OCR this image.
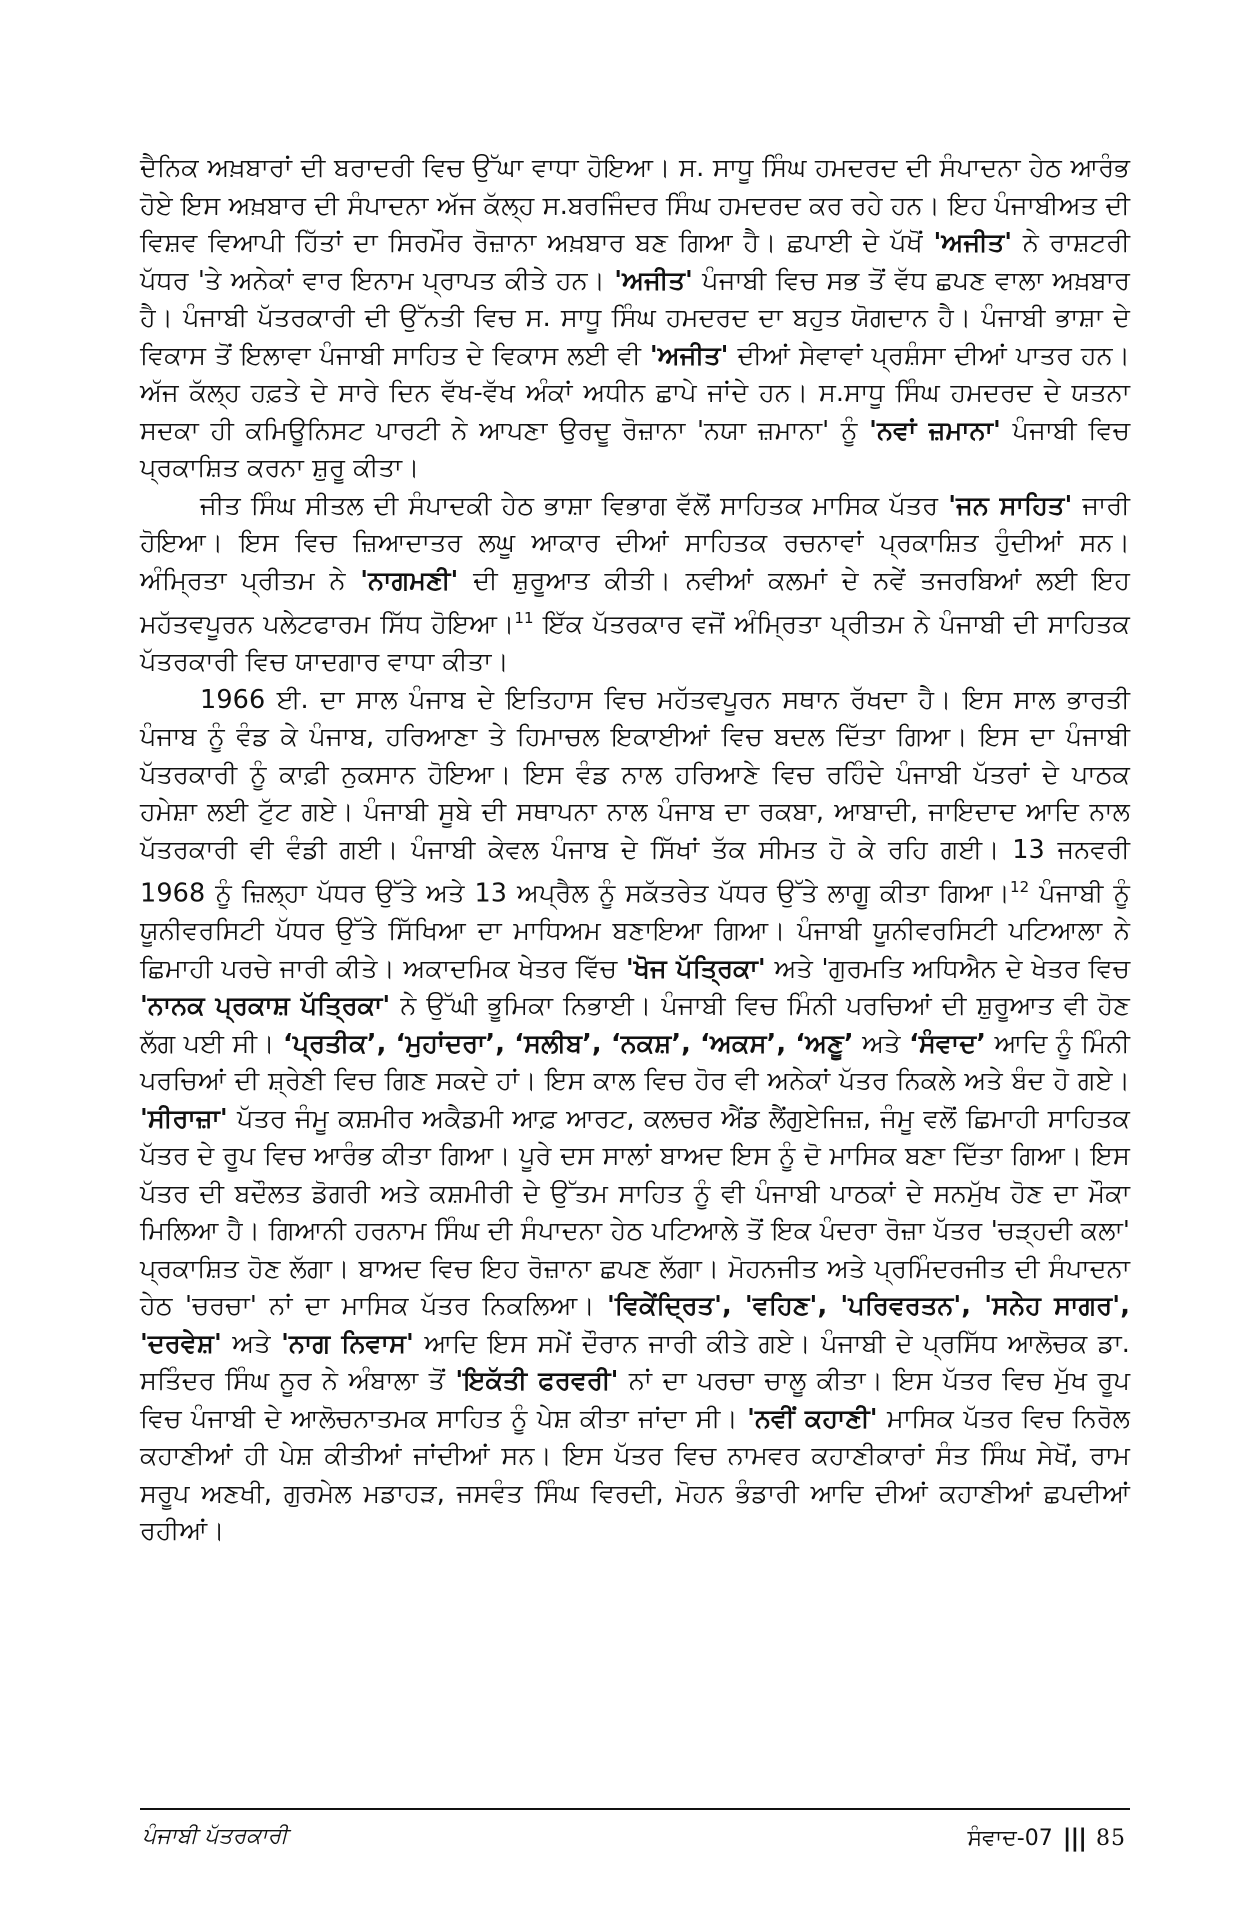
ਦੈਨਿਕ ਅਖ਼ਬਾਰਾਂ ਦੀ ਬਰਾਦਰੀ ਵਿਚ ਉੱਘਾ ਵਾਧਾ ਹੋਇਆ। ਸ. ਸਾਧੂ ਸਿੰਘ ਹਮਦਰਦ ਦੀ ਸੰਪਾਦਨਾ ਹੇਠ ਆਰੰਭ ਹੋਏ ਇਸ ਅਖ਼ਬਾਰ ਦੀ ਸੰਪਾਦਨਾ ਅੱਜ ਕੱਲ੍ਹ ਸ.ਬਰਜਿੰਦਰ ਸਿੰਘ ਹਮਦਰਦ ਕਰ ਰਹੇ ਹਨ। ਇਹ ਪੰਜਾਬੀਅਤ ਦੀ ਵਿਸ਼ਵ ਵਿਆਪੀ ਹਿੱਤਾਂ ਦਾ ਸਿਰਮੌਰ ਰੋਜ਼ਾਨਾ ਅਖ਼ਬਾਰ ਬਣ ਗਿਆ ਹੈ। ਛਪਾਈ ਦੇ ਪੱਖੋਂ 'ਅਜੀਤ' ਨੇ ਰਾਸ਼ਟਰੀ ਪੱਧਰ 'ਤੇ ਅਨੇਕਾਂ ਵਾਰ ਇਨਾਮ ਪ੍ਰਾਪਤ ਕੀਤੇ ਹਨ। 'ਅਜੀਤ' ਪੰਜਾਬੀ ਵਿਚ ਸਭ ਤੋਂ ਵੱਧ ਛਪਣ ਵਾਲਾ ਅਖ਼ਬਾਰ ਹੈ। ਪੰਜਾਬੀ ਪੱਤਰਕਾਰੀ ਦੀ ਉੱਨਤੀ ਵਿਚ ਸ. ਸਾਧੂ ਸਿੰਘ ਹਮਦਰਦ ਦਾ ਬਹੁਤ ਯੋਗਦਾਨ ਹੈ। ਪੰਜਾਬੀ ਭਾਸ਼ਾ ਦੇ ਵਿਕਾਸ ਤੋਂ ਇਲਾਵਾ ਪੰਜਾਬੀ ਸਾਹਿਤ ਦੇ ਵਿਕਾਸ ਲਈ ਵੀ 'ਅਜੀਤ' ਦੀਆਂ ਸੇਵਾਵਾਂ ਪ੍ਰਸ਼ੰਸਾ ਦੀਆਂ ਪਾਤਰ ਹਨ। ਅੱਜ ਕੱਲ੍ਹ ਹਫ਼ਤੇ ਦੇ ਸਾਰੇ ਦਿਨ ਵੱਖ-ਵੱਖ ਅੰਕਾਂ ਅਧੀਨ ਛਾਪੇ ਜਾਂਦੇ ਹਨ। ਸ.ਸਾਧੂ ਸਿੰਘ ਹਮਦਰਦ ਦੇ ਯਤਨਾ ਸਦਕਾ ਹੀ ਕਮਿਊਨਿਸਟ ਪਾਰਟੀ ਨੇ ਆਪਣਾ ਉਰਦੂ ਰੋਜ਼ਾਨਾ 'ਨਯਾ ਜ਼ਮਾਨਾ' ਨੂੰ 'ਨਵਾਂ ਜ਼ਮਾਨਾ' ਪੰਜਾਬੀ ਵਿਚ ਪ੍ਰਕਾਸ਼ਿਤ ਕਰਨਾ ਸ਼ੁਰੂ ਕੀਤਾ।

ਜੀਤ ਸਿੰਘ ਸੀਤਲ ਦੀ ਸੰਪਾਦਕੀ ਹੇਠ ਭਾਸ਼ਾ ਵਿਭਾਗ ਵੱਲੋਂ ਸਾਹਿਤਕ ਮਾਸਿਕ ਪੱਤਰ 'ਜਨ ਸਾਹਿਤ' ਜਾਰੀ ਹੋਇਆ। ਇਸ ਵਿਚ ਜ਼ਿਆਦਾਤਰ ਲਘੂ ਆਕਾਰ ਦੀਆਂ ਸਾਹਿਤਕ ਰਚਨਾਵਾਂ ਪ੍ਰਕਾਸ਼ਿਤ ਹੁੰਦੀਆਂ ਸਨ। ਅੰਮ੍ਰਿਤਾ ਪ੍ਰੀਤਮ ਨੇ 'ਨਾਗਮਣੀ' ਦੀ ਸ਼ੁਰੂਆਤ ਕੀਤੀ। ਨਵੀਆਂ ਕਲਮਾਂ ਦੇ ਨਵੇਂ ਤਜਰਬਿਆਂ ਲਈ ਇਹ ਮਹੱਤਵਪੂਰਨ ਪਲੇਟਫਾਰਮ ਸਿੱਧ ਹੋਇਆ।$^{11}$ ਇੱਕ ਪੱਤਰਕਾਰ ਵਜੋਂ ਅੰਮ੍ਰਿਤਾ ਪ੍ਰੀਤਮ ਨੇ ਪੰਜਾਬੀ ਦੀ ਸਾਹਿਤਕ ਪੱਤਰਕਾਰੀ ਵਿਚ ਯਾਦਗਾਰ ਵਾਧਾ ਕੀਤਾ।

1966 ਈ. ਦਾ ਸਾਲ ਪੰਜਾਬ ਦੇ ਇਤਿਹਾਸ ਵਿਚ ਮਹੱਤਵਪੂਰਨ ਸਥਾਨ ਰੱਖਦਾ ਹੈ। ਇਸ ਸਾਲ ਭਾਰਤੀ ਪੰਜਾਬ ਨੂੰ ਵੰਡ ਕੇ ਪੰਜਾਬ, ਹਰਿਆਣਾ ਤੇ ਹਿਮਾਚਲ ਇਕਾਈਆਂ ਵਿਚ ਬਦਲ ਦਿੱਤਾ ਗਿਆ। ਇਸ ਦਾ ਪੰਜਾਬੀ ਪੱਤਰਕਾਰੀ ਨੂੰ ਕਾਫ਼ੀ ਨੁਕਸਾਨ ਹੋਇਆ। ਇਸ ਵੰਡ ਨਾਲ ਹਰਿਆਣੇ ਵਿਚ ਰਹਿੰਦੇ ਪੰਜਾਬੀ ਪੱਤਰਾਂ ਦੇ ਪਾਠਕ ਹਮੇਸ਼ਾ ਲਈ ਟੁੱਟ ਗਏ। ਪੰਜਾਬੀ ਸੂਬੇ ਦੀ ਸਥਾਪਨਾ ਨਾਲ ਪੰਜਾਬ ਦਾ ਰਕਬਾ, ਆਬਾਦੀ, ਜਾਇਦਾਦ ਆਦਿ ਨਾਲ ਪੱਤਰਕਾਰੀ ਵੀ ਵੰਡੀ ਗਈ। ਪੰਜਾਬੀ ਕੇਵਲ ਪੰਜਾਬ ਦੇ ਸਿੱਖਾਂ ਤੱਕ ਸੀਮਤ ਹੋ ਕੇ ਰਹਿ ਗਈ। 13 ਜਨਵਰੀ 1968 ਨੂੰ ਜ਼ਿਲ੍ਹਾ ਪੱਧਰ ਉੱਤੇ ਅਤੇ 13 ਅਪ੍ਰੈਲ ਨੂੰ ਸਕੱਤਰੇਤ ਪੱਧਰ ਉੱਤੇ ਲਾਗੂ ਕੀਤਾ ਗਿਆ।$^{12}$ ਪੰਜਾਬੀ ਨੂੰ ਯੂਨੀਵਰਸਿਟੀ ਪੱਧਰ ਉੱਤੇ ਸਿੱਖਿਆ ਦਾ ਮਾਧਿਅਮ ਬਣਾਇਆ ਗਿਆ। ਪੰਜਾਬੀ ਯੂਨੀਵਰਸਿਟੀ ਪਟਿਆਲਾ ਨੇ ਛਿਮਾਹੀ ਪਰਚੇ ਜਾਰੀ ਕੀਤੇ। ਅਕਾਦਮਿਕ ਖੇਤਰ ਵਿੱਚ 'ਖੋਜ ਪੱਤ੍ਰਿਕਾ' ਅਤੇ 'ਗੁਰਮਤਿ ਅਧਿਐਨ ਦੇ ਖੇਤਰ ਵਿਚ 'ਨਾਨਕ ਪ੍ਰਕਾਸ਼ ਪੱਤ੍ਰਿਕਾ' ਨੇ ਉੱਘੀ ਭੂਮਿਕਾ ਨਿਭਾਈ। ਪੰਜਾਬੀ ਵਿਚ ਮਿੰਨੀ ਪਰਚਿਆਂ ਦੀ ਸ਼ੁਰੂਆਤ ਵੀ ਹੋਣ ਲੱਗ ਪਈ ਸੀ। ‘ਪ੍ਰਤੀਕ’, ‘ਮੁਹਾਂਦਰਾ’, ‘ਸਲੀਬ’, ‘ਨਕਸ਼’, ‘ਅਕਸ’, ‘ਅਣੂ’ ਅਤੇ ‘ਸੰਵਾਦ’ ਆਦਿ ਨੂੰ ਮਿੰਨੀ ਪਰਚਿਆਂ ਦੀ ਸ਼੍ਰੇਣੀ ਵਿਚ ਗਿਣ ਸਕਦੇ ਹਾਂ। ਇਸ ਕਾਲ ਵਿਚ ਹੋਰ ਵੀ ਅਨੇਕਾਂ ਪੱਤਰ ਨਿਕਲੇ ਅਤੇ ਬੰਦ ਹੋ ਗਏ। 'ਸੀਰਾਜ਼ਾ' ਪੱਤਰ ਜੰਮੂ ਕਸ਼ਮੀਰ ਅਕੈਡਮੀ ਆਫ਼ ਆਰਟ, ਕਲਚਰ ਐਂਡ ਲੈਂਗੁਏਜਿਜ਼, ਜੰਮੂ ਵਲੋਂ ਛਿਮਾਹੀ ਸਾਹਿਤਕ ਪੱਤਰ ਦੇ ਰੂਪ ਵਿਚ ਆਰੰਭ ਕੀਤਾ ਗਿਆ। ਪੂਰੇ ਦਸ ਸਾਲਾਂ ਬਾਅਦ ਇਸ ਨੂੰ ਦੋ ਮਾਸਿਕ ਬਣਾ ਦਿੱਤਾ ਗਿਆ। ਇਸ ਪੱਤਰ ਦੀ ਬਦੌਲਤ ਡੋਗਰੀ ਅਤੇ ਕਸ਼ਮੀਰੀ ਦੇ ਉੱਤਮ ਸਾਹਿਤ ਨੂੰ ਵੀ ਪੰਜਾਬੀ ਪਾਠਕਾਂ ਦੇ ਸਨਮੁੱਖ ਹੋਣ ਦਾ ਮੌਕਾ ਮਿਲਿਆ ਹੈ। ਗਿਆਨੀ ਹਰਨਾਮ ਸਿੰਘ ਦੀ ਸੰਪਾਦਨਾ ਹੇਠ ਪਟਿਆਲੇ ਤੋਂ ਇਕ ਪੰਦਰਾ ਰੋਜ਼ਾ ਪੱਤਰ 'ਚੜ੍ਹਦੀ ਕਲਾ' ਪ੍ਰਕਾਸ਼ਿਤ ਹੋਣ ਲੱਗਾ। ਬਾਅਦ ਵਿਚ ਇਹ ਰੋਜ਼ਾਨਾ ਛਪਣ ਲੱਗਾ। ਮੋਹਨਜੀਤ ਅਤੇ ਪ੍ਰਮਿੰਦਰਜੀਤ ਦੀ ਸੰਪਾਦਨਾ ਹੇਠ 'ਚਰਚਾ' ਨਾਂ ਦਾ ਮਾਸਿਕ ਪੱਤਰ ਨਿਕਲਿਆ। 'ਵਿਕੇਂਦ੍ਰਿਤ', 'ਵਹਿਣ', 'ਪਰਿਵਰਤਨ', 'ਸਨੇਹ ਸਾਗਰ', 'ਦਰਵੇਸ਼' ਅਤੇ 'ਨਾਗ ਨਿਵਾਸ' ਆਦਿ ਇਸ ਸਮੇਂ ਦੌਰਾਨ ਜਾਰੀ ਕੀਤੇ ਗਏ। ਪੰਜਾਬੀ ਦੇ ਪ੍ਰਸਿੱਧ ਆਲੋਚਕ ਡਾ. ਸਤਿੰਦਰ ਸਿੰਘ ਨੂਰ ਨੇ ਅੰਬਾਲਾ ਤੋਂ 'ਇਕੱਤੀ ਫਰਵਰੀ' ਨਾਂ ਦਾ ਪਰਚਾ ਚਾਲੂ ਕੀਤਾ। ਇਸ ਪੱਤਰ ਵਿਚ ਮੁੱਖ ਰੂਪ ਵਿਚ ਪੰਜਾਬੀ ਦੇ ਆਲੋਚਨਾਤਮਕ ਸਾਹਿਤ ਨੂੰ ਪੇਸ਼ ਕੀਤਾ ਜਾਂਦਾ ਸੀ। 'ਨਵੀਂ ਕਹਾਣੀ' ਮਾਸਿਕ ਪੱਤਰ ਵਿਚ ਨਿਰੋਲ ਕਹਾਣੀਆਂ ਹੀ ਪੇਸ਼ ਕੀਤੀਆਂ ਜਾਂਦੀਆਂ ਸਨ। ਇਸ ਪੱਤਰ ਵਿਚ ਨਾਮਵਰ ਕਹਾਣੀਕਾਰਾਂ ਸੰਤ ਸਿੰਘ ਸੇਖੋਂ, ਰਾਮ ਸਰੂਪ ਅਣਖੀ, ਗੁਰਮੇਲ ਮਡਾਹੜ, ਜਸਵੰਤ ਸਿੰਘ ਵਿਰਦੀ, ਮੋਹਨ ਭੰਡਾਰੀ ਆਦਿ ਦੀਆਂ ਕਹਾਣੀਆਂ ਛਪਦੀਆਂ ਰਹੀਆਂ।

ਪੰਜਾਬੀ ਪੱਤਰਕਾਰੀ	ਸੰਵਾਦ-07 ||| 85
